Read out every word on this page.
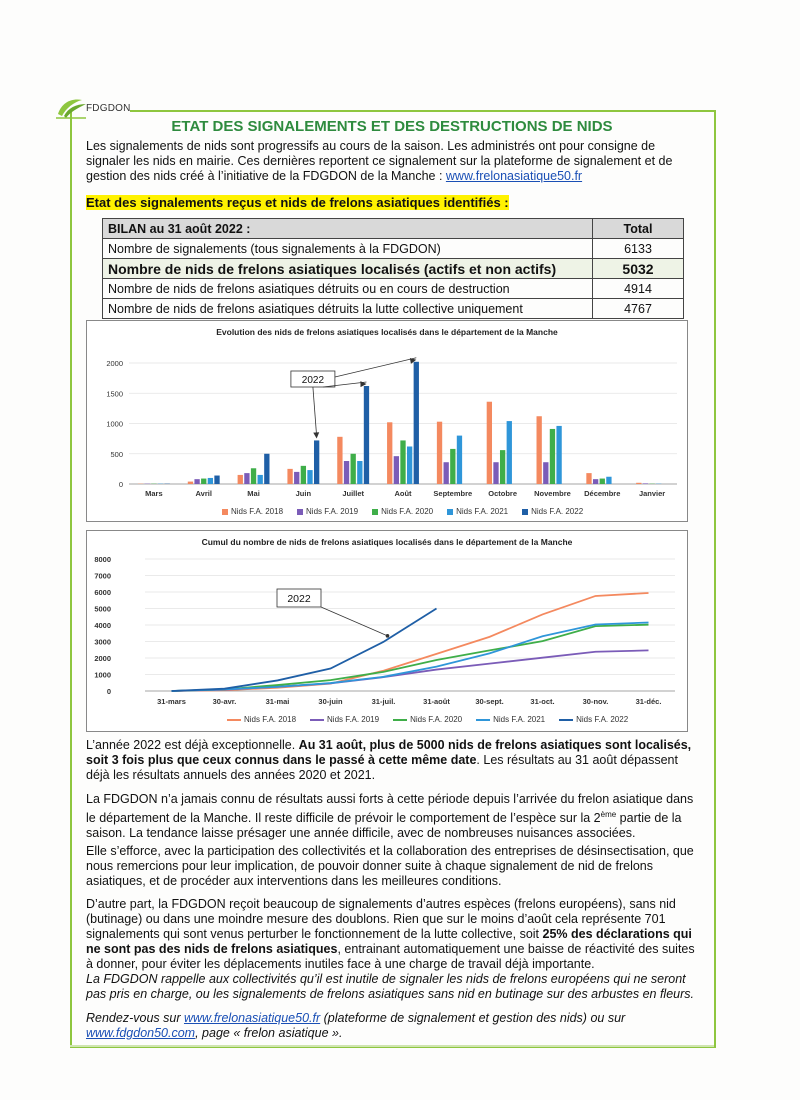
FDGDON
ETAT DES SIGNALEMENTS ET DES DESTRUCTIONS DE NIDS
Les signalements de nids sont progressifs au cours de la saison. Les administrés ont pour consigne de signaler les nids en mairie. Ces dernières reportent ce signalement sur la plateforme de signalement et de gestion des nids créé à l’initiative de la FDGDON de la Manche : www.frelonasiatique50.fr
Etat des signalements reçus et nids de frelons asiatiques identifiés :
BILAN au 31 août 2022 :	Total
Nombre de signalements (tous signalements à la FDGDON)	6133
Nombre de nids de frelons asiatiques localisés (actifs et non actifs)	5032
Nombre de nids de frelons asiatiques détruits ou en cours de destruction	4914
Nombre de nids de frelons asiatiques détruits la lutte collective uniquement	4767
Evolution des nids de frelons asiatiques localisés dans le département de la Manche
0
500
1000
1500
2000
Mars	Avril	Mai	Juin	Juillet	Août	Septembre Octobre Novembre Décembre Janvier
2022
Nids F.A. 2018	Nids F.A. 2019	Nids F.A. 2020	Nids F.A. 2021	Nids F.A. 2022
Cumul du nombre de nids de frelons asiatiques localisés dans le département de la Manche
0
1000
2000
3000
4000
5000
6000
7000
8000
31-mars	30-avr.	31-mai	30-juin	31-juil.	31-août	30-sept.	31-oct.	30-nov.	31-déc.
2022
Nids F.A. 2018	Nids F.A. 2019	Nids F.A. 2020	Nids F.A. 2021	Nids F.A. 2022
L’année 2022 est déjà exceptionnelle. Au 31 août, plus de 5000 nids de frelons asiatiques sont localisés, soit 3 fois plus que ceux connus dans le passé à cette même date. Les résultats au 31 août dépassent déjà les résultats annuels des années 2020 et 2021.
La FDGDON n’a jamais connu de résultats aussi forts à cette période depuis l’arrivée du frelon asiatique dans le département de la Manche. Il reste difficile de prévoir le comportement de l’espèce sur la 2ème partie de la saison. La tendance laisse présager une année difficile, avec de nombreuses nuisances associées.
Elle s’efforce, avec la participation des collectivités et la collaboration des entreprises de désinsectisation, que nous remercions pour leur implication, de pouvoir donner suite à chaque signalement de nid de frelons asiatiques, et de procéder aux interventions dans les meilleures conditions.
D’autre part, la FDGDON reçoit beaucoup de signalements d’autres espèces (frelons européens), sans nid (butinage) ou dans une moindre mesure des doublons. Rien que sur le moins d’août cela représente 701 signalements qui sont venus perturber le fonctionnement de la lutte collective, soit 25% des déclarations qui ne sont pas des nids de frelons asiatiques, entrainant automatiquement une baisse de réactivité des suites à donner, pour éviter les déplacements inutiles face à une charge de travail déjà importante.
La FDGDON rappelle aux collectivités qu’il est inutile de signaler les nids de frelons européens qui ne seront pas pris en charge, ou les signalements de frelons asiatiques sans nid en butinage sur des arbustes en fleurs.
Rendez-vous sur www.frelonasiatique50.fr (plateforme de signalement et gestion des nids) ou sur www.fdgdon50.com, page « frelon asiatique ».
